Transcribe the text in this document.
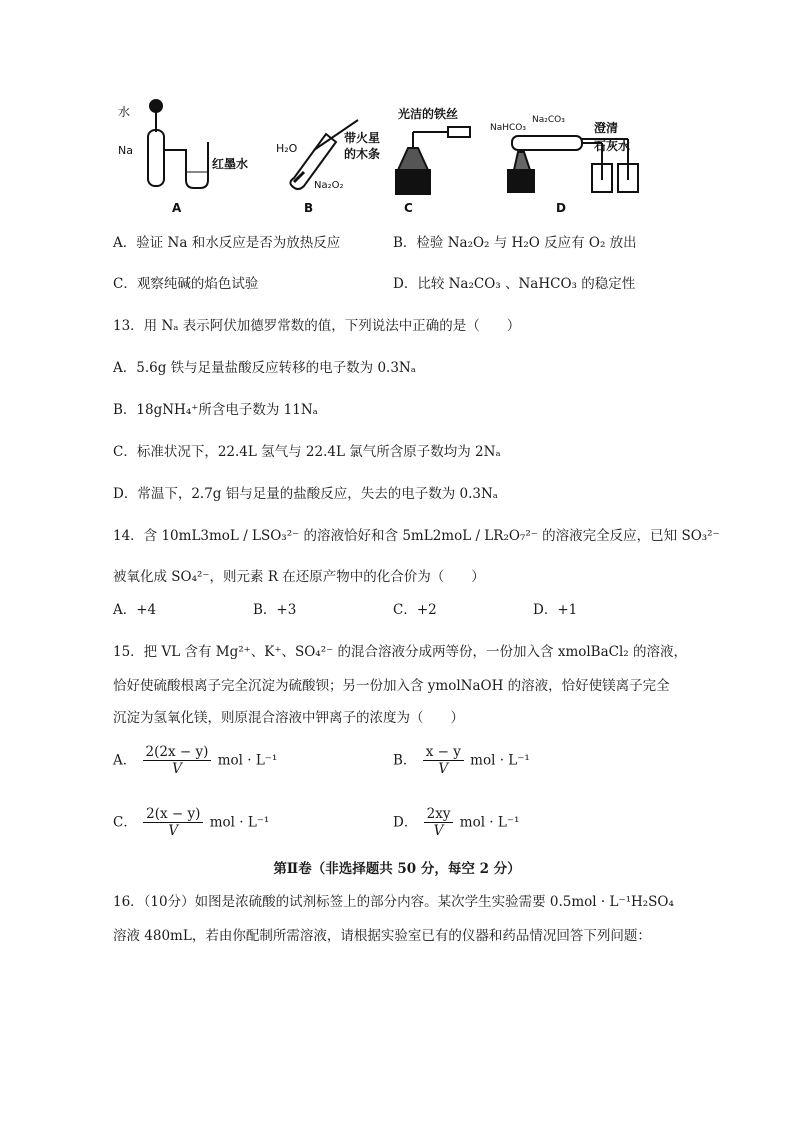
水
Na
红墨水
A
H₂O
带火星
的木条
Na₂O₂
B
光洁的铁丝
C
NaHCO₃
Na₂CO₃
澄清
石灰水
D
A．验证 Na 和水反应是否为放热反应	B．检验 Na₂O₂ 与 H₂O 反应有 O₂ 放出
C．观察纯碱的焰色试验	D．比较 Na₂CO₃ 、NaHCO₃ 的稳定性
13．用 Nₐ 表示阿伏加德罗常数的值，下列说法中正确的是（　　）
A．5.6g 铁与足量盐酸反应转移的电子数为 0.3Nₐ
B．18gNH₄⁺所含电子数为 11Nₐ
C．标准状况下，22.4L 氢气与 22.4L 氯气所含原子数均为 2Nₐ
D．常温下，2.7g 铝与足量的盐酸反应，失去的电子数为 0.3Nₐ
14．含 10mL3moL / LSO₃²⁻ 的溶液恰好和含 5mL2moL / LR₂O₇²⁻ 的溶液完全反应，已知 SO₃²⁻
被氧化成 SO₄²⁻，则元素 R 在还原产物中的化合价为（　　）
A．+4	B．+3	C．+2	D．+1
15．把 VL 含有 Mg²⁺、K⁺、SO₄²⁻ 的混合溶液分成两等份，一份加入含 xmolBaCl₂ 的溶液，
恰好使硫酸根离子完全沉淀为硫酸钡；另一份加入含 ymolNaOH 的溶液，恰好使镁离子完全
沉淀为氢氧化镁，则原混合溶液中钾离子的浓度为（　　）
A． $\frac{2(2x - y)}{V}$ mol · L⁻¹	B． $\frac{x - y}{V}$ mol · L⁻¹
C． $\frac{2(x - y)}{V}$ mol · L⁻¹	D． $\frac{2xy}{V}$ mol · L⁻¹
第Ⅱ卷（非选择题共 50 分，每空 2 分）
16．（10分）如图是浓硫酸的试剂标签上的部分内容。某次学生实验需要 0.5mol · L⁻¹H₂SO₄
溶液 480mL，若由你配制所需溶液，请根据实验室已有的仪器和药品情况回答下列问题：
